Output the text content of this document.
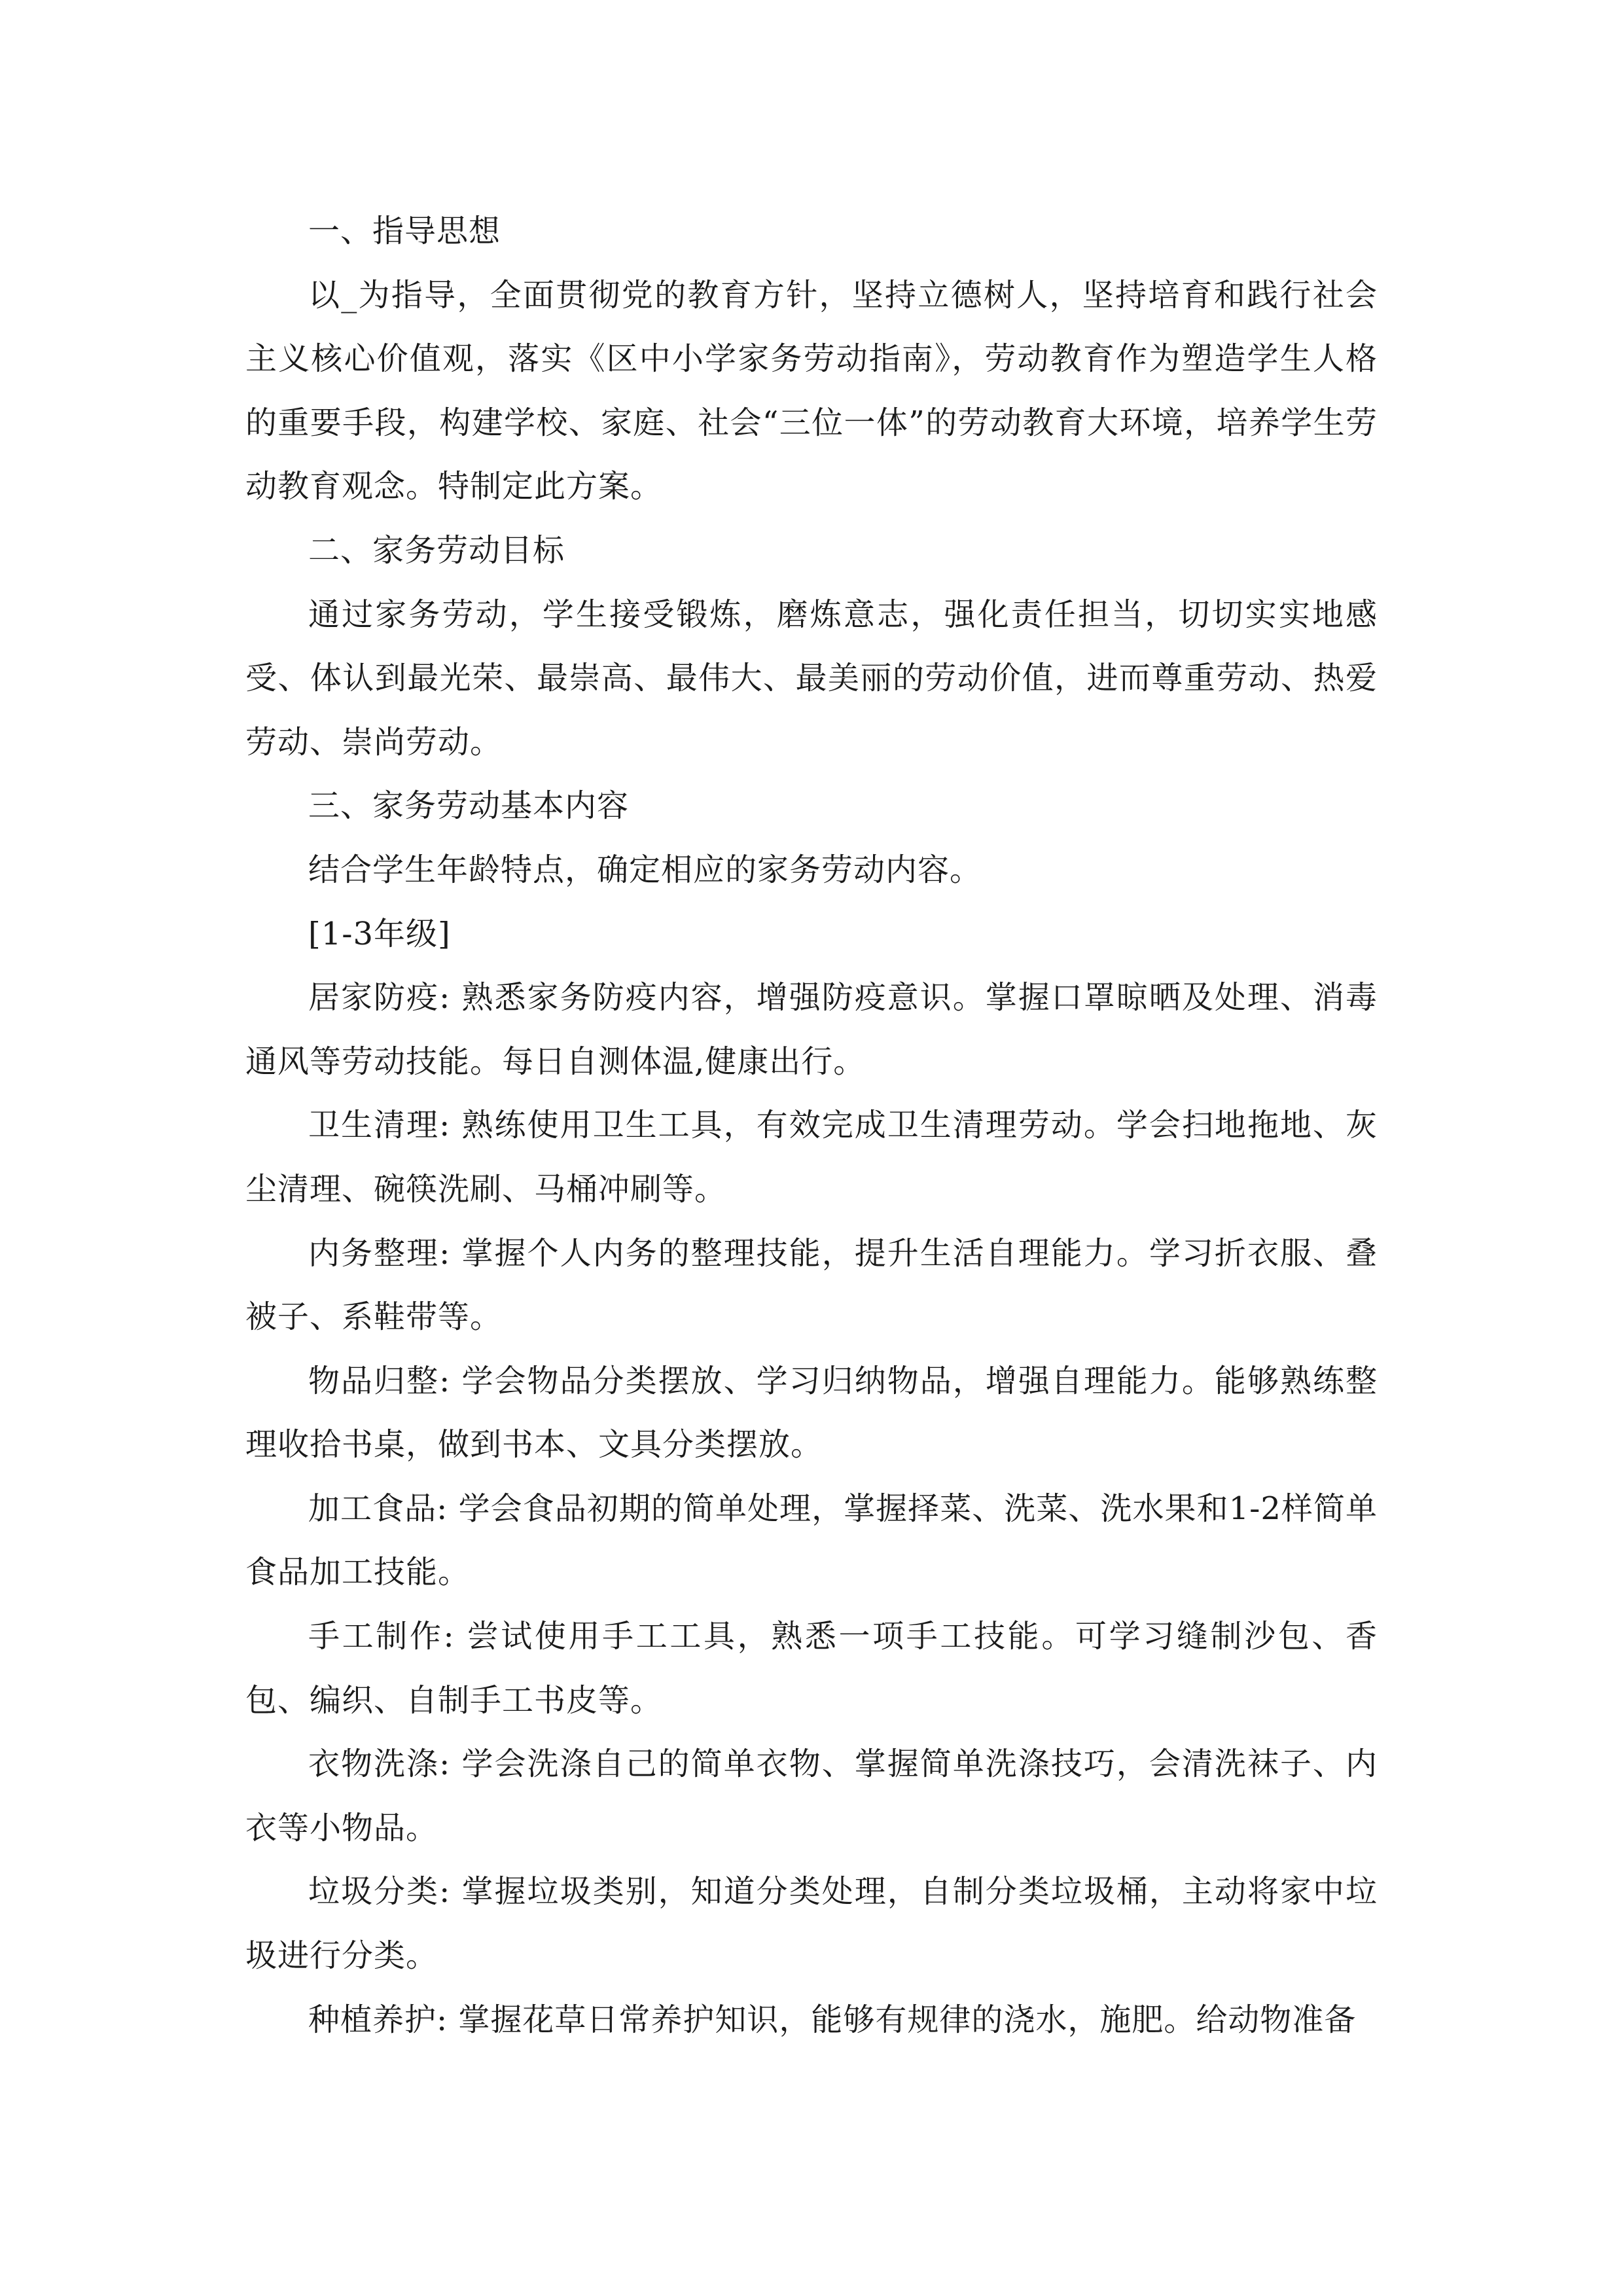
一、指导思想

以_为指导，全面贯彻党的教育方针，坚持立德树人，坚持培育和践行社会主义核心价值观，落实《区中小学家务劳动指南》，劳动教育作为塑造学生人格的重要手段，构建学校、家庭、社会“三位一体”的劳动教育大环境，培养学生劳动教育观念。特制定此方案。

二、家务劳动目标

通过家务劳动，学生接受锻炼，磨炼意志，强化责任担当，切切实实地感受、体认到最光荣、最崇高、最伟大、最美丽的劳动价值，进而尊重劳动、热爱劳动、崇尚劳动。

三、家务劳动基本内容

结合学生年龄特点，确定相应的家务劳动内容。

[1-3年级]

居家防疫: 熟悉家务防疫内容，增强防疫意识。掌握口罩晾晒及处理、消毒通风等劳动技能。每日自测体温,健康出行。

卫生清理: 熟练使用卫生工具，有效完成卫生清理劳动。学会扫地拖地、灰尘清理、碗筷洗刷、马桶冲刷等。

内务整理: 掌握个人内务的整理技能，提升生活自理能力。学习折衣服、叠被子、系鞋带等。

物品归整: 学会物品分类摆放、学习归纳物品，增强自理能力。能够熟练整理收拾书桌，做到书本、文具分类摆放。

加工食品: 学会食品初期的简单处理，掌握择菜、洗菜、洗水果和1-2样简单食品加工技能。

手工制作: 尝试使用手工工具，熟悉一项手工技能。可学习缝制沙包、香包、编织、自制手工书皮等。

衣物洗涤: 学会洗涤自己的简单衣物、掌握简单洗涤技巧，会清洗袜子、内衣等小物品。

垃圾分类: 掌握垃圾类别，知道分类处理，自制分类垃圾桶，主动将家中垃圾进行分类。

种植养护: 掌握花草日常养护知识，能够有规律的浇水，施肥。给动物准备
